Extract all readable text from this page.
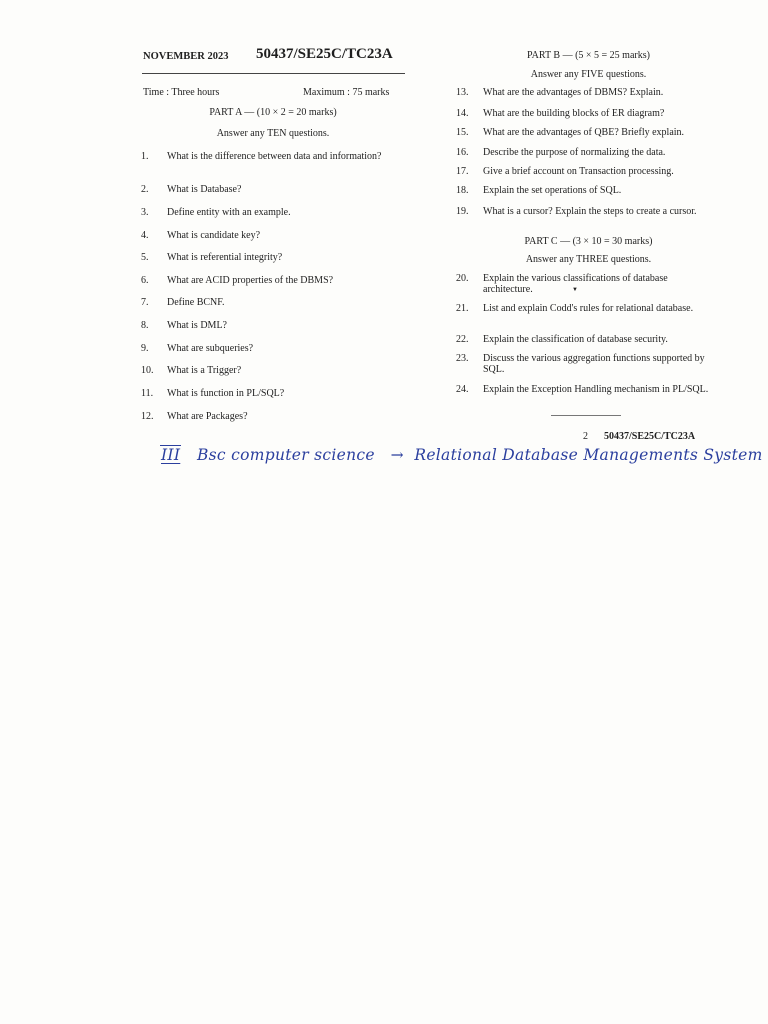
NOVEMBER 2023 50437/SE25C/TC23A
Time : Three hours	Maximum : 75 marks
PART A — (10 × 2 = 20 marks)
Answer any TEN questions.
1. What is the difference between data and information?
2. What is Database?
3. Define entity with an example.
4. What is candidate key?
5. What is referential integrity?
6. What are ACID properties of the DBMS?
7. Define BCNF.
8. What is DML?
9. What are subqueries?
10. What is a Trigger?
11. What is function in PL/SQL?
12. What are Packages?
PART B — (5 × 5 = 25 marks)
Answer any FIVE questions.
13. What are the advantages of DBMS? Explain.
14. What are the building blocks of ER diagram?
15. What are the advantages of QBE? Briefly explain.
16. Describe the purpose of normalizing the data.
17. Give a brief account on Transaction processing.
18. Explain the set operations of SQL.
19. What is a cursor? Explain the steps to create a cursor.
PART C — (3 × 10 = 30 marks)
Answer any THREE questions.
20. Explain the various classifications of database architecture.
21. List and explain Codd's rules for relational database.
22. Explain the classification of database security.
23. Discuss the various aggregation functions supported by SQL.
24. Explain the Exception Handling mechanism in PL/SQL.
▼
2 50437/SE25C/TC23A
III Bsc computer science → Relational Database Managements System
